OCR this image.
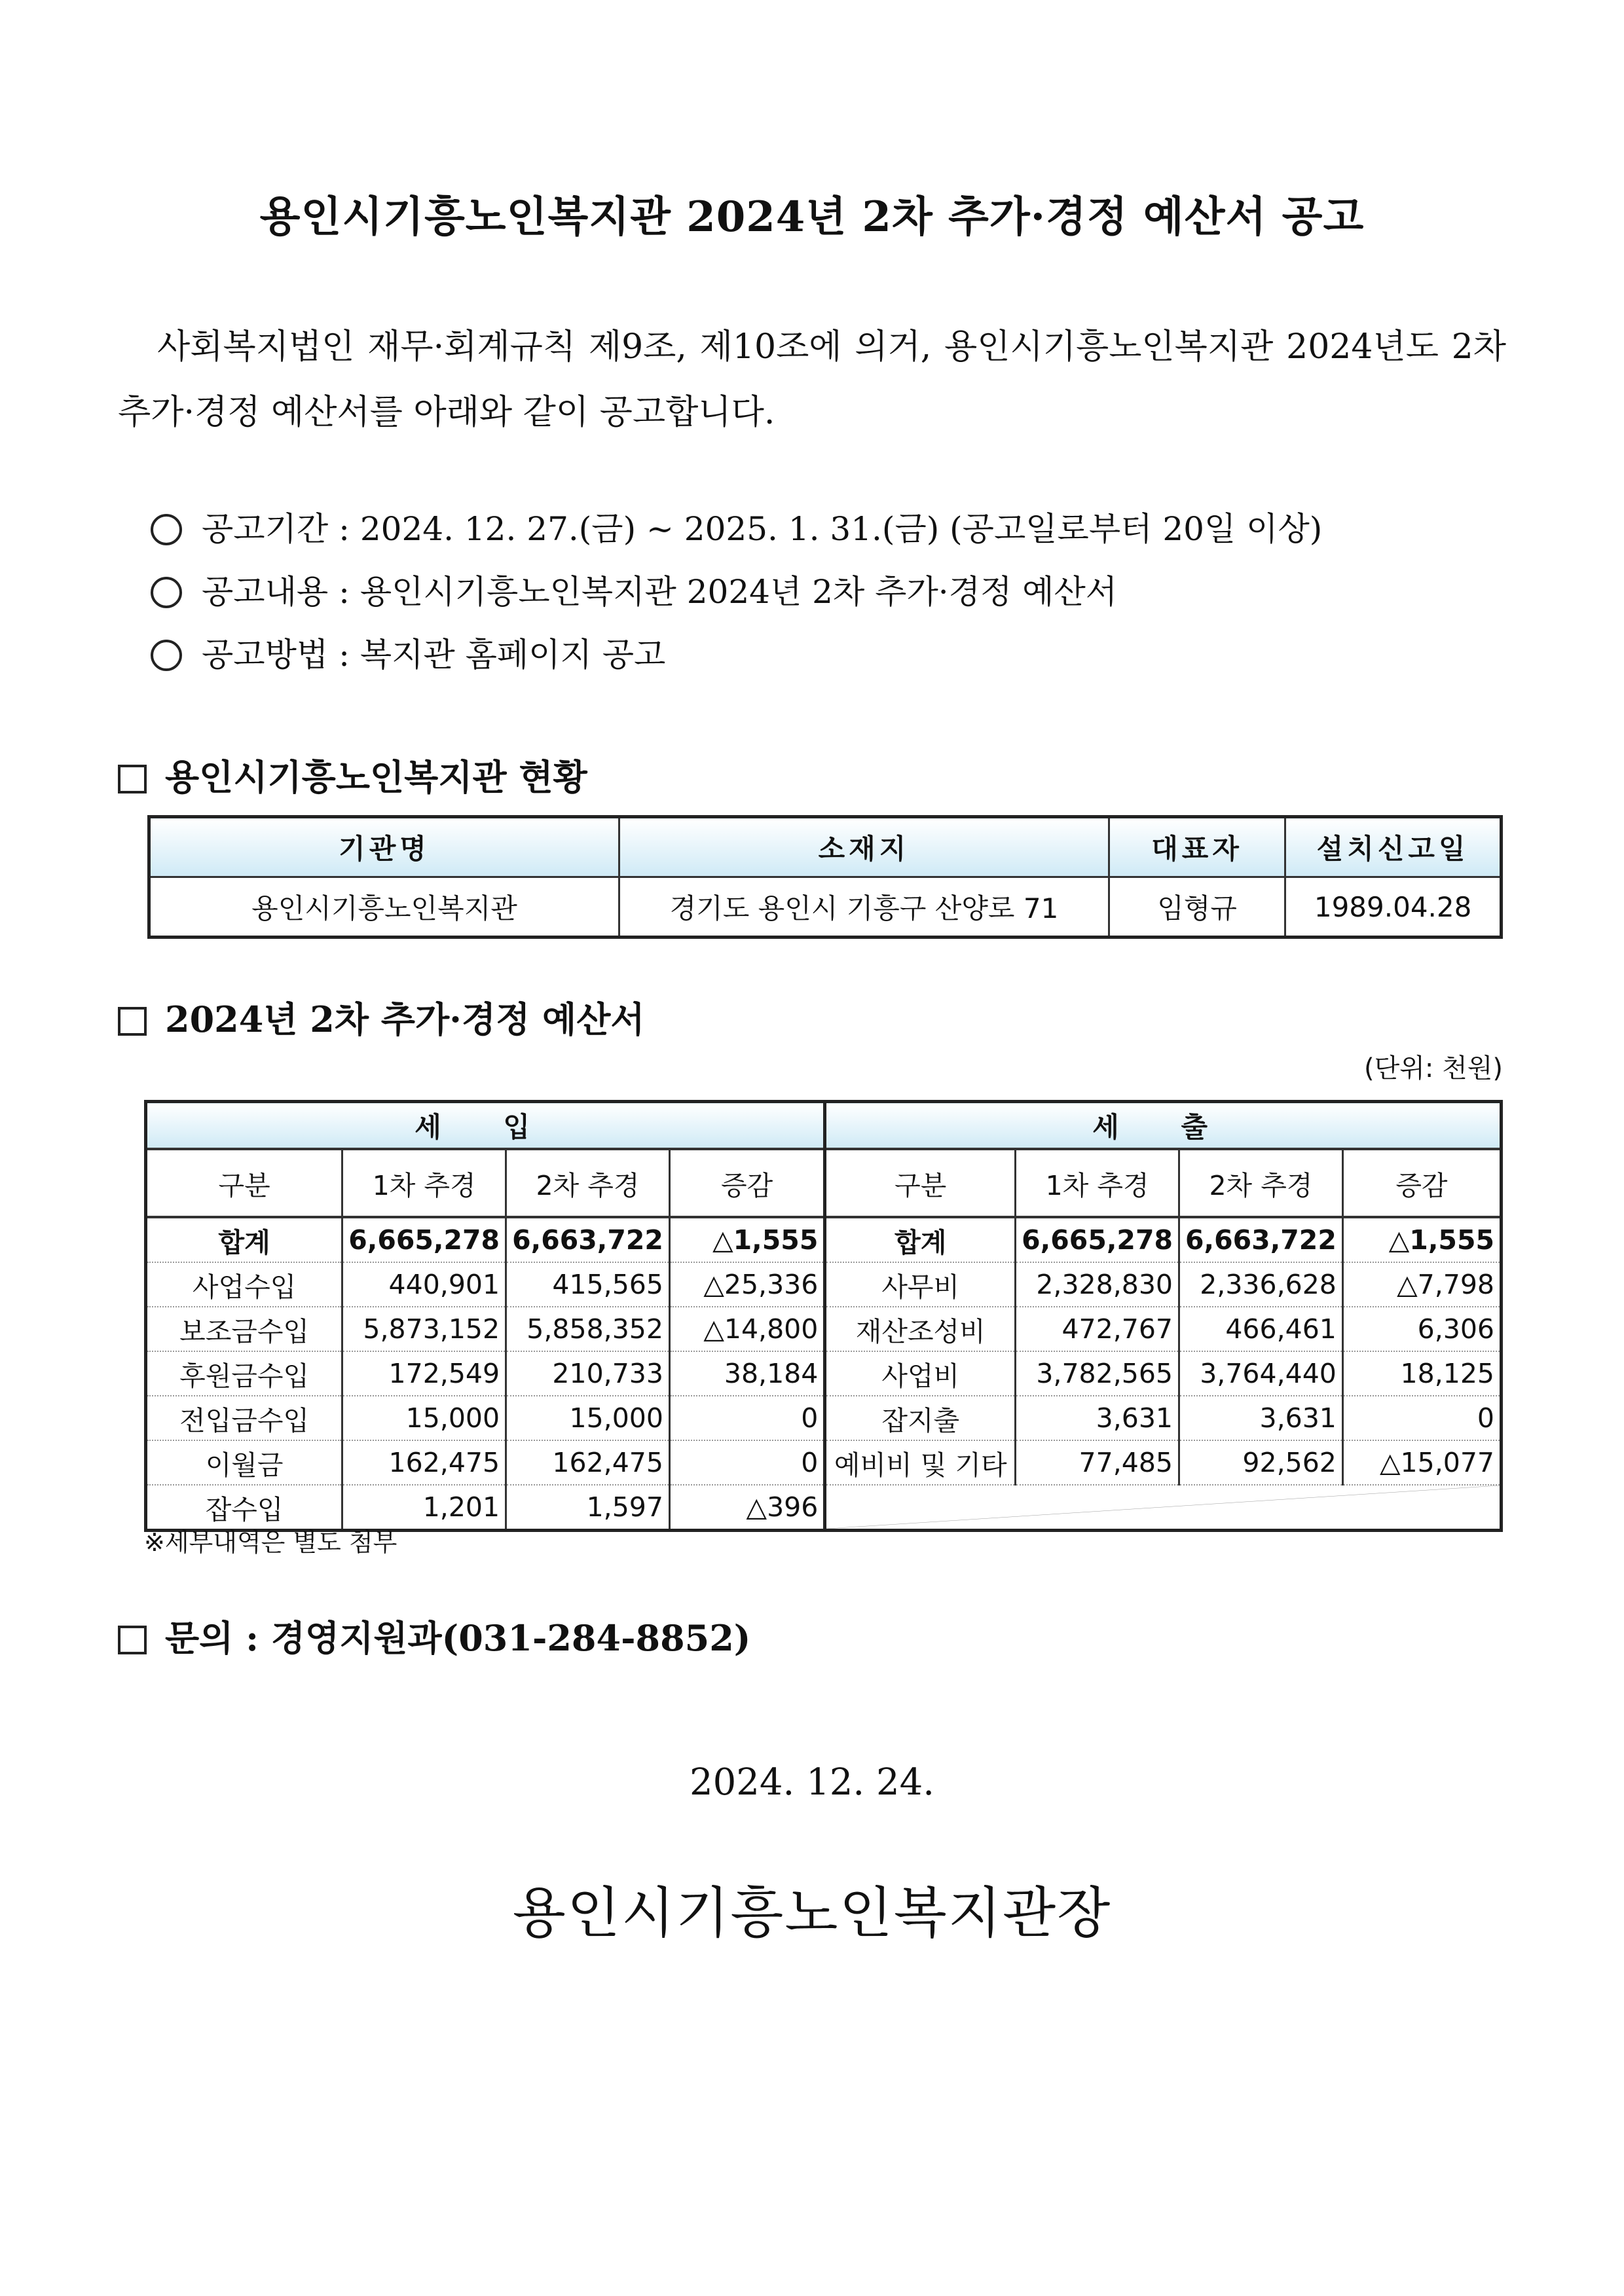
용인시기흥노인복지관 2024년 2차 추가·경정 예산서 공고
사회복지법인 재무·회계규칙 제9조, 제10조에 의거, 용인시기흥노인복지관 2024년도 2차 추가·경정 예산서를 아래와 같이 공고합니다.
공고기간 : 2024. 12. 27.(금) ~ 2025. 1. 31.(금) (공고일로부터 20일 이상)
공고내용 : 용인시기흥노인복지관 2024년 2차 추가·경정 예산서
공고방법 : 복지관 홈페이지 공고
용인시기흥노인복지관 현황
기관명	소재지	대표자	설치신고일
용인시기흥노인복지관	경기도 용인시 기흥구 산양로 71	임형규	1989.04.28
2024년 2차 추가·경정 예산서
(단위: 천원)
세 입				세 출			
구분	1차 추경	2차 추경	증감	구분	1차 추경	2차 추경	증감
합계	6,665,278	6,663,722	△1,555	합계	6,665,278	6,663,722	△1,555
사업수입	440,901	415,565	△25,336	사무비	2,328,830	2,336,628	△7,798
보조금수입	5,873,152	5,858,352	△14,800	재산조성비	472,767	466,461	6,306
후원금수입	172,549	210,733	38,184	사업비	3,782,565	3,764,440	18,125
전입금수입	15,000	15,000	0	잡지출	3,631	3,631	0
이월금	162,475	162,475	0	예비비 및 기타	77,485	92,562	△15,077
잡수입	1,201	1,597	△396	
※세부내역은 별도 첨부
문의 : 경영지원과(031-284-8852)
2024. 12. 24.
용인시기흥노인복지관장
